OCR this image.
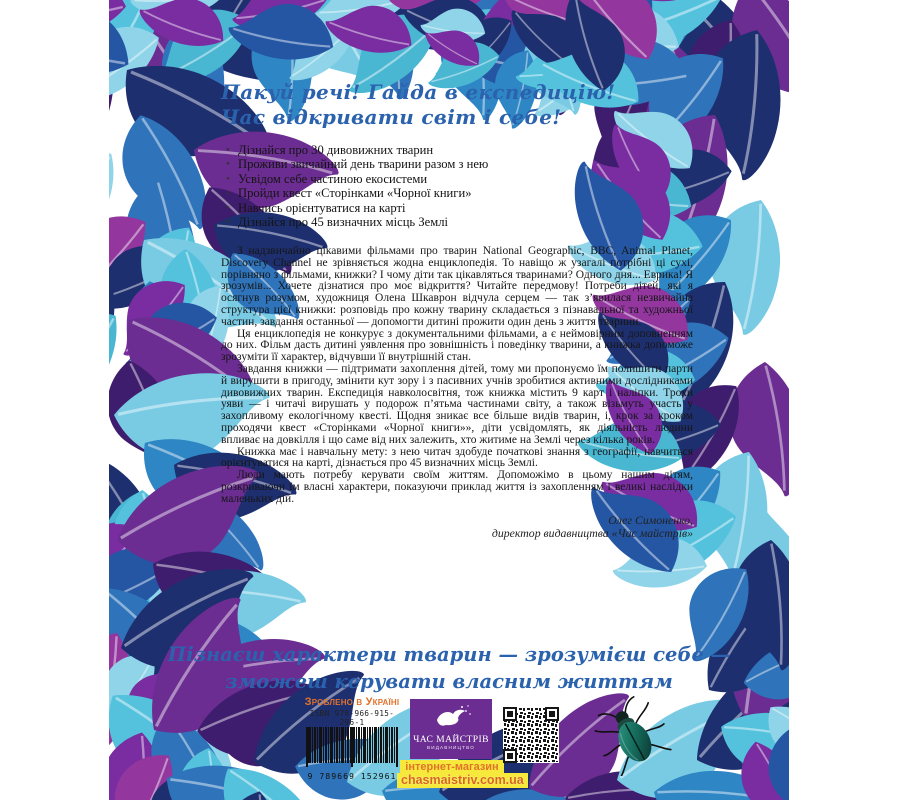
Пакуй речі! Гайда в експедицію!
Час відкривати світ і себе!
• Дізнайся про 30 дивовижних тварин
• Проживи звичайний день тварини разом з нею
• Усвідом себе частиною екосистеми
• Пройди квест «Сторінками «Чорної книги»
• Навчись орієнтуватися на карті
• Дізнайся про 45 визначних місць Землі

З надзвичайно цікавими фільмами про тварин National Geographic, BBC, Animal Planet, Discovery Channel не зрівняється жодна енциклопедія. То навіщо ж узагалі потрібні ці сухі, порівняно з фільмами, книжки? І чому діти так цікавляться тваринами? Одного дня... Еврика! Я зрозумів... Хочете дізнатися про моє відкриття? Читайте передмову! Потреби дітей, які я осягнув розумом, художниця Олена Шкаврон відчула серцем — так з’явилася незвичайна структура цієї книжки: розповідь про кожну тварину складається з пізнавальної та художньої частин, завдання останньої — допомогти дитині прожити один день з життя тварини.

Ця енциклопедія не конкурує з документальними фільмами, а є неймовірним доповненням до них. Фільм дасть дитині уявлення про зовнішність і поведінку тварини, а книжка допоможе зрозуміти її характер, відчувши її внутрішній стан.

Завдання книжки — підтримати захоплення дітей, тому ми пропонуємо їм полишити парти й вирушити в пригоду, змінити кут зору і з пасивних учнів зробитися активними дослідниками дивовижних тварин. Експедиція навколосвітня, тож книжка містить 9 карт і наліпки. Трохи уяви — і читачі вирушать у подорож п’ятьма частинами світу, а також візьмуть участь у захопливому екологічному квесті. Щодня зникає все більше видів тварин, і, крок за кроком проходячи квест «Сторінками «Чорної книги»», діти усвідомлять, як діяльність людини впливає на довкілля і що саме від них залежить, хто житиме на Землі через кілька років.

Книжка має і навчальну мету: з нею читач здобуде початкові знання з географії, навчиться орієнтуватися на карті, дізнається про 45 визначних місць Землі.

Люди мають потребу керувати своїм життям. Допоможімо в цьому нашим дітям, розкриваючи їм власні характери, показуючи приклад життя із захопленням і великі наслідки маленьких дій.

Олег Симоненко,
директор видавництва «Час майстрів»
Пізнаєш характери тварин — зрозумієш себе —
зможеш керувати власним життям
Зроблено в Україні
ISBN 978-966-915-296-1
9 789669 152961
ЧАС МАЙСТРІВ
ВИДАВНИЦТВО
інтернет-магазин
chasmaistriv.com.ua
